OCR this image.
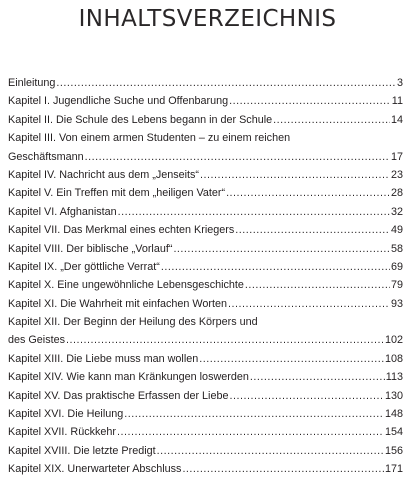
INHALTSVERZEICHNIS
Einleitung .....	3
Kapitel I. Jugendliche Suche und Offenbarung .....	11
Kapitel II. Die Schule des Lebens begann in der Schule .....	14
Kapitel III. Von einem armen Studenten – zu einem reichen
Geschäftsmann .....	17
Kapitel IV. Nachricht aus dem „Jenseits“ .....	23
Kapitel V. Ein Treffen mit dem „heiligen Vater“ .....	28
Kapitel VI. Afghanistan .....	32
Kapitel VII. Das Merkmal eines echten Kriegers .....	49
Kapitel VIII. Der biblische „Vorlauf“ .....	58
Kapitel IX. „Der göttliche Verrat“ .....	69
Kapitel X. Eine ungewöhnliche Lebensgeschichte .....	79
Kapitel XI. Die Wahrheit mit einfachen Worten .....	93
Kapitel XII. Der Beginn der Heilung des Körpers und
des Geistes .....	102
Kapitel XIII. Die Liebe muss man wollen .....	108
Kapitel XIV. Wie kann man Kränkungen loswerden .....	113
Kapitel XV. Das praktische Erfassen der Liebe .....	130
Kapitel XVI. Die Heilung .....	148
Kapitel XVII. Rückkehr .....	154
Kapitel XVIII. Die letzte Predigt .....	156
Kapitel XIX. Unerwarteter Abschluss .....	171
